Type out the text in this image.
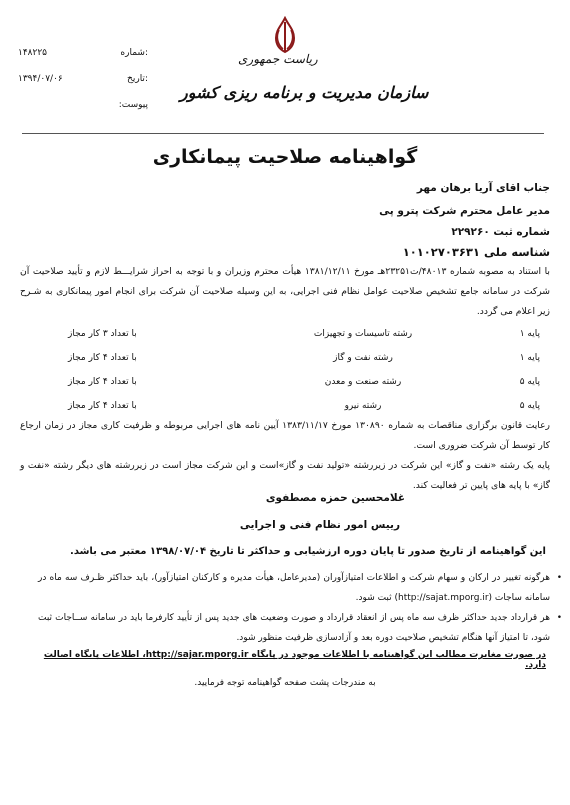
۱۴۸۲۲۵	شماره:
۱۳۹۴/۰۷/۰۶	تاریخ:
پیوست:
ریاست جمهوری
سازمان مدیریت و برنامه ریزی کشور
گواهینامه صلاحیت پیمانکاری
جناب اقای آریا برهان مهر
مدیر عامل محترم شرکت پترو پی
شماره ثبت ۲۲۹۲۶۰
شناسه ملی ۱۰۱۰۲۷۰۳۶۳۱
با استناد به مصوبه شماره ۴۸۰۱۳/ت۲۳۲۵۱هـ مورخ ۱۳۸۱/۱۲/۱۱ هیأت محترم وزیران و با توجه به احراز شرایـــط لازم و تأیید صلاحیت آن شرکت در سامانه جامع تشخیص صلاحیت عوامل نظام فنی اجرایی، به این وسیله صلاحیت آن شرکت برای انجام امور پیمانکاری به شـرح زیر اعلام می گردد.
پایه ۱
رشته تاسیسات و تجهیزات
با تعداد ۳ کار مجاز
پایه ۱
رشته نفت و گاز
با تعداد ۴ کار مجاز
پایه ۵
رشته صنعت و معدن
با تعداد ۴ کار مجاز
پایه ۵
رشته نیرو
با تعداد ۴ کار مجاز
رعایت قانون برگزاری مناقصات به شماره ۱۳۰۸۹۰ مورخ ۱۳۸۳/۱۱/۱۷ آیین نامه های اجرایی مربوطه و ظرفیت کاری مجاز در زمان ارجاع کار توسط آن شرکت ضروری است.
پایه یک رشته «نفت و گاز» این شرکت در زیررشته «تولید نفت و گاز»است و این شرکت مجاز است در زیررشته های دیگر رشته «نفت و گاز» با پایه های پایین تر فعالیت کند.
غلامحسین حمزه مصطفوی
رییس امور نظام فنی و اجرایی
این گواهینامه از تاریخ صدور تا پایان دوره ارزشیابی و حداکثر تا تاریخ ۱۳۹۸/۰۷/۰۴ معتبر می باشد.
•
هرگونه تغییر در ارکان و سهام شرکت و اطلاعات امتیازآوران (مدیرعامل، هیأت مدیره و کارکنان امتیازآور)، باید حداکثر ظـرف سه ماه در سامانه ساجات (http://sajat.mporg.ir) ثبت شود.
•
هر قرارداد جدید حداکثر ظرف سه ماه پس از انعقاد قرارداد و صورت وضعیت های جدید پس از تأیید کارفرما باید در سامانه ســاجات ثبت شود، تا امتیاز آنها هنگام تشخیص صلاحیت دوره بعد و آزادسازی ظرفیت منظور شود.
در صورت مغایرت مطالب این گواهینامه با اطلاعات موجود در پایگاه http://sajar.mporg.ir، اطلاعات پایگاه اصالت دارد.
به مندرجات پشت صفحه گواهینامه توجه فرمایید.
